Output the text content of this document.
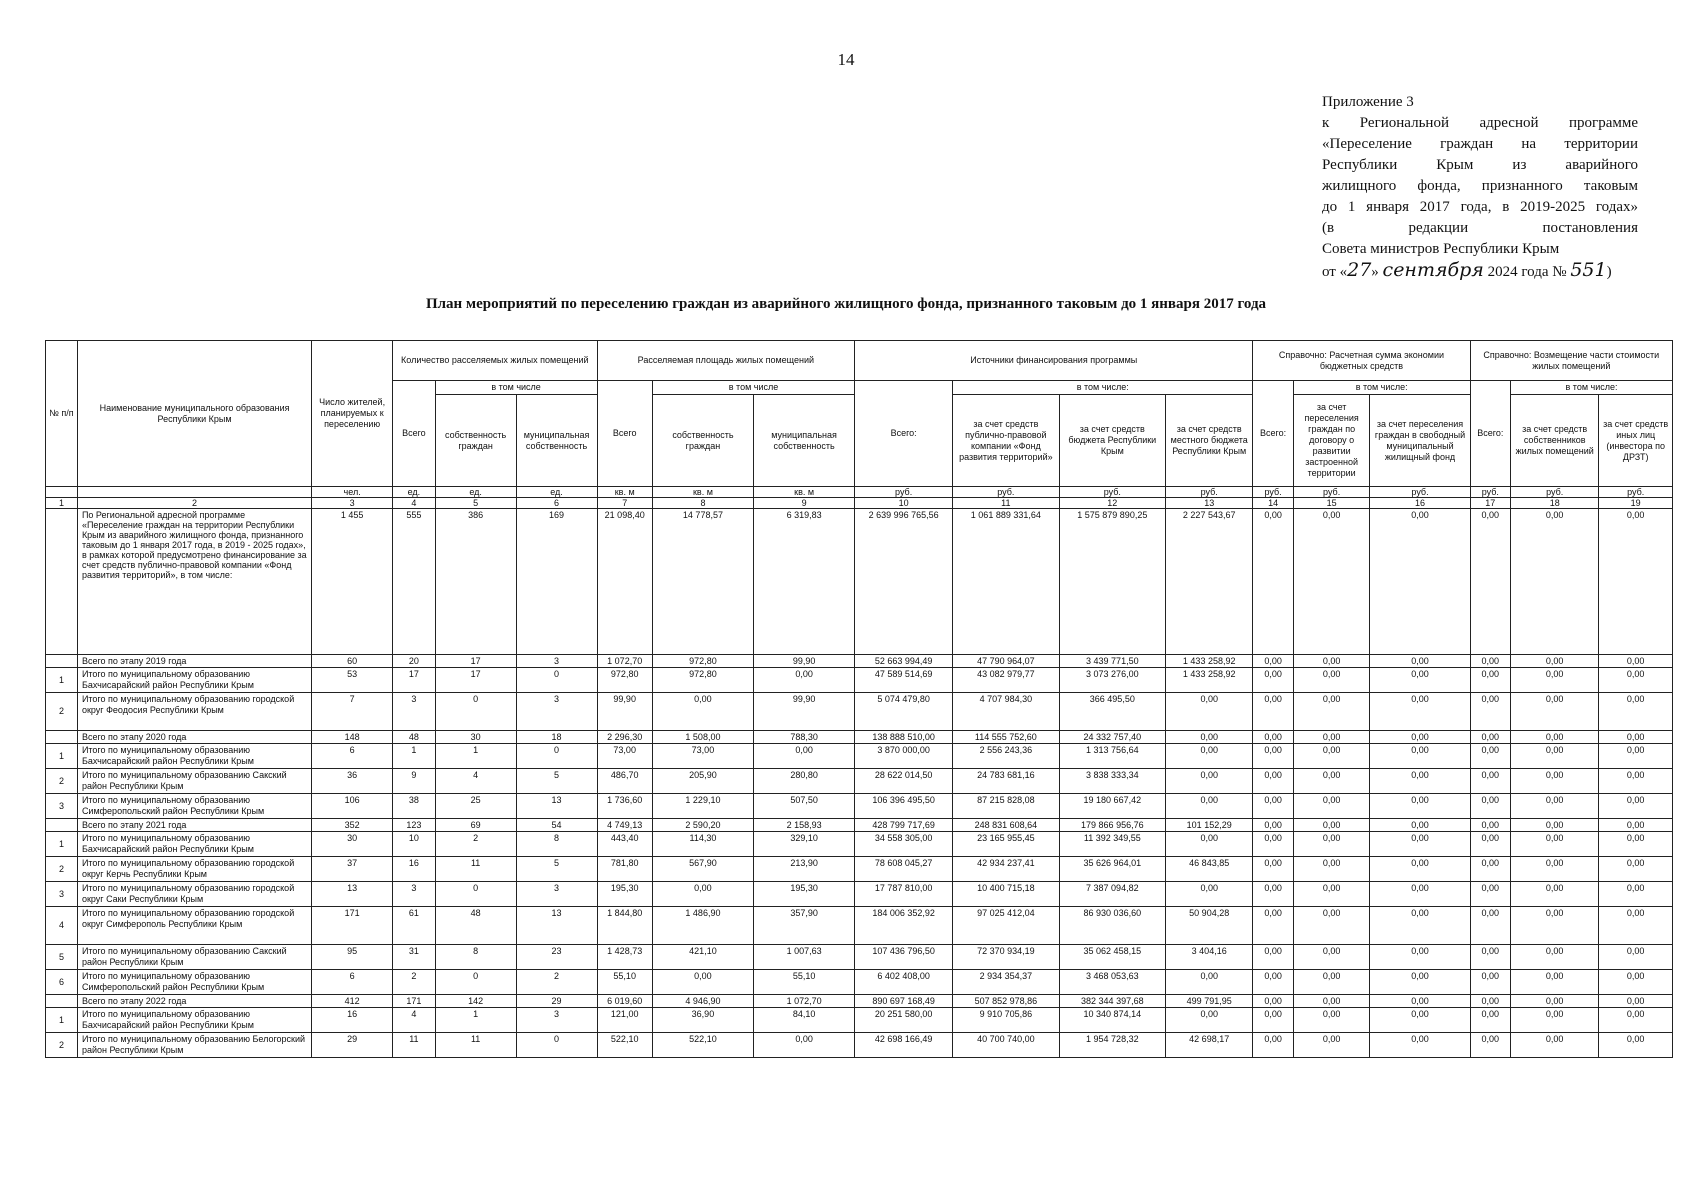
14
Приложение 3
к Региональной адресной программе
«Переселение граждан на территории
Республики Крым из аварийного
жилищного фонда, признанного таковым
до 1 января 2017 года, в 2019-2025 годах»
(в редакции постановления
Совета министров Республики Крым
от «27» сентября 2024 года № 551)
План мероприятий по переселению граждан из аварийного жилищного фонда, признанного таковым до 1 января 2017 года
№ п/п	Наименование муниципального образования Республики Крым	Число жителей, планируемых к переселению	Количество расселяемых жилых помещений			Расселяемая площадь жилых помещений			Источники финансирования программы				Справочно: Расчетная сумма экономии бюджетных средств			Справочно: Возмещение части стоимости жилых помещений		
			Всего	в том числе		Всего	в том числе		Всего:	в том числе:			Всего:	в том числе:		Всего:	в том числе:	
				собственность граждан	муниципальная собственность		собственность граждан	муниципальная собственность		за счет средств публично-правовой компании «Фонд развития территорий»	за счет средств бюджета Республики Крым	за счет средств местного бюджета Республики Крым		за счет переселения граждан по договору о развитии застроенной территории	за счет переселения граждан в свободный муниципальный жилищный фонд		за счет средств собственников жилых помещений	за счет средств иных лиц (инвестора по ДРЗТ)
		чел.	ед.	ед.	ед.	кв. м	кв. м	кв. м	руб.	руб.	руб.	руб.	руб.	руб.	руб.	руб.	руб.	руб.
1	2	3	4	5	6	7	8	9	10	11	12	13	14	15	16	17	18	19
	По Региональной адресной программе «Переселение граждан на территории Республики Крым из аварийного жилищного фонда, признанного таковым до 1 января 2017 года, в 2019 - 2025 годах», в рамках которой предусмотрено финансирование за счет средств публично-правовой компании «Фонд развития территорий», в том числе:	1 455	555	386	169	21 098,40	14 778,57	6 319,83	2 639 996 765,56	1 061 889 331,64	1 575 879 890,25	2 227 543,67	0,00	0,00	0,00	0,00	0,00	0,00
	Всего по этапу 2019 года	60	20	17	3	1 072,70	972,80	99,90	52 663 994,49	47 790 964,07	3 439 771,50	1 433 258,92	0,00	0,00	0,00	0,00	0,00	0,00
1	Итого по муниципальному образованию Бахчисарайский район Республики Крым	53	17	17	0	972,80	972,80	0,00	47 589 514,69	43 082 979,77	3 073 276,00	1 433 258,92	0,00	0,00	0,00	0,00	0,00	0,00
2	Итого по муниципальному образованию городской округ Феодосия Республики Крым	7	3	0	3	99,90	0,00	99,90	5 074 479,80	4 707 984,30	366 495,50	0,00	0,00	0,00	0,00	0,00	0,00	0,00
	Всего по этапу 2020 года	148	48	30	18	2 296,30	1 508,00	788,30	138 888 510,00	114 555 752,60	24 332 757,40	0,00	0,00	0,00	0,00	0,00	0,00	0,00
1	Итого по муниципальному образованию Бахчисарайский район Республики Крым	6	1	1	0	73,00	73,00	0,00	3 870 000,00	2 556 243,36	1 313 756,64	0,00	0,00	0,00	0,00	0,00	0,00	0,00
2	Итого по муниципальному образованию Сакский район Республики Крым	36	9	4	5	486,70	205,90	280,80	28 622 014,50	24 783 681,16	3 838 333,34	0,00	0,00	0,00	0,00	0,00	0,00	0,00
3	Итого по муниципальному образованию Симферопольский район Республики Крым	106	38	25	13	1 736,60	1 229,10	507,50	106 396 495,50	87 215 828,08	19 180 667,42	0,00	0,00	0,00	0,00	0,00	0,00	0,00
	Всего по этапу 2021 года	352	123	69	54	4 749,13	2 590,20	2 158,93	428 799 717,69	248 831 608,64	179 866 956,76	101 152,29	0,00	0,00	0,00	0,00	0,00	0,00
1	Итого по муниципальному образованию Бахчисарайский район Республики Крым	30	10	2	8	443,40	114,30	329,10	34 558 305,00	23 165 955,45	11 392 349,55	0,00	0,00	0,00	0,00	0,00	0,00	0,00
2	Итого по муниципальному образованию городской округ Керчь Республики Крым	37	16	11	5	781,80	567,90	213,90	78 608 045,27	42 934 237,41	35 626 964,01	46 843,85	0,00	0,00	0,00	0,00	0,00	0,00
3	Итого по муниципальному образованию городской округ Саки Республики Крым	13	3	0	3	195,30	0,00	195,30	17 787 810,00	10 400 715,18	7 387 094,82	0,00	0,00	0,00	0,00	0,00	0,00	0,00
4	Итого по муниципальному образованию городской округ Симферополь Республики Крым	171	61	48	13	1 844,80	1 486,90	357,90	184 006 352,92	97 025 412,04	86 930 036,60	50 904,28	0,00	0,00	0,00	0,00	0,00	0,00
5	Итого по муниципальному образованию Сакский район Республики Крым	95	31	8	23	1 428,73	421,10	1 007,63	107 436 796,50	72 370 934,19	35 062 458,15	3 404,16	0,00	0,00	0,00	0,00	0,00	0,00
6	Итого по муниципальному образованию Симферопольский район Республики Крым	6	2	0	2	55,10	0,00	55,10	6 402 408,00	2 934 354,37	3 468 053,63	0,00	0,00	0,00	0,00	0,00	0,00	0,00
	Всего по этапу 2022 года	412	171	142	29	6 019,60	4 946,90	1 072,70	890 697 168,49	507 852 978,86	382 344 397,68	499 791,95	0,00	0,00	0,00	0,00	0,00	0,00
1	Итого по муниципальному образованию Бахчисарайский район Республики Крым	16	4	1	3	121,00	36,90	84,10	20 251 580,00	9 910 705,86	10 340 874,14	0,00	0,00	0,00	0,00	0,00	0,00	0,00
2	Итого по муниципальному образованию Белогорский район Республики Крым	29	11	11	0	522,10	522,10	0,00	42 698 166,49	40 700 740,00	1 954 728,32	42 698,17	0,00	0,00	0,00	0,00	0,00	0,00
